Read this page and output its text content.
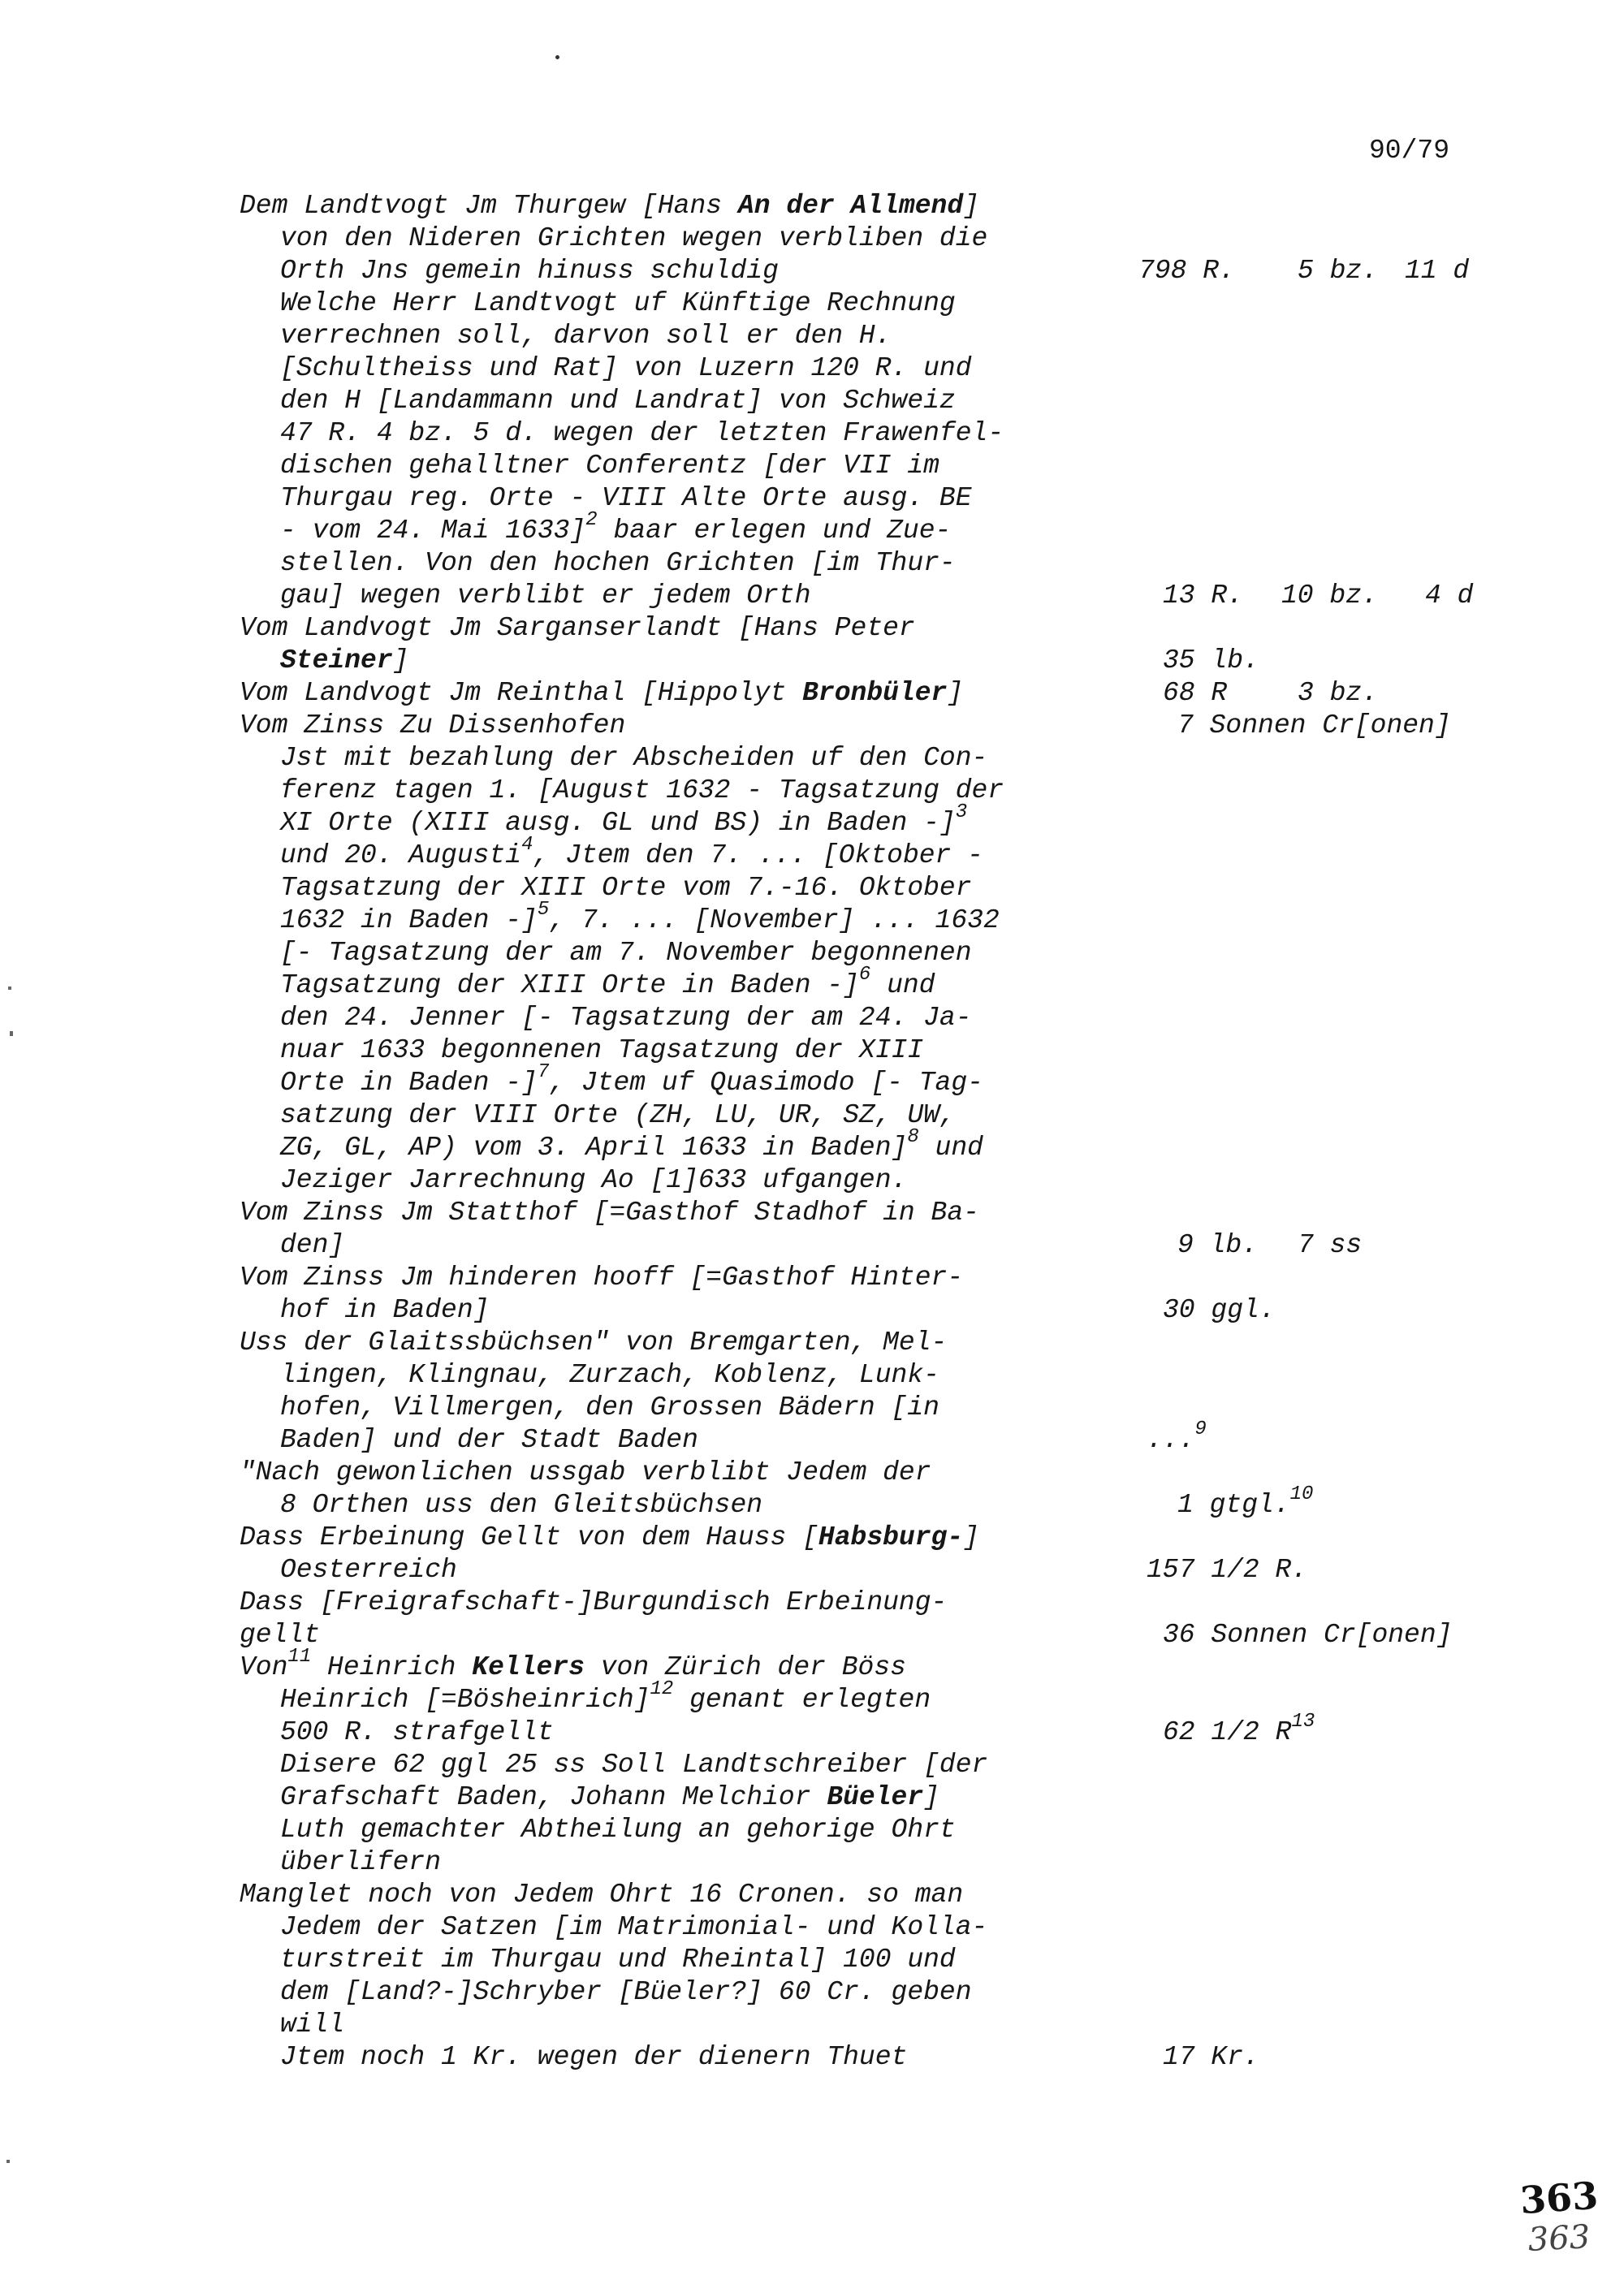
90/79
Dem Landtvogt Jm Thurgew [Hans An der Allmend]
von den Nideren Grichten wegen verbliben die
Orth Jns gemein hinuss schuldig	798 R. 5 bz. 11 d
Welche Herr Landtvogt uf Künftige Rechnung
verrechnen soll, darvon soll er den H.
[Schultheiss und Rat] von Luzern 120 R. und
den H [Landammann und Landrat] von Schweiz
47 R. 4 bz. 5 d. wegen der letzten Frawenfel-
dischen gehalltner Conferentz [der VII im
Thurgau reg. Orte - VIII Alte Orte ausg. BE
- vom 24. Mai 1633]$^2$ baar erlegen und Zue-
stellen. Von den hochen Grichten [im Thur-
gau] wegen verblibt er jedem Orth	13 R. 10 bz. 4 d
Vom Landvogt Jm Sarganserlandt [Hans Peter
Steiner]	35 lb.
Vom Landvogt Jm Reinthal [Hippolyt Bronbüler]	68 R	3 bz.
Vom Zinss Zu Dissenhofen	7 Sonnen Cr[onen]
Jst mit bezahlung der Abscheiden uf den Con-
ferenz tagen 1. [August 1632 - Tagsatzung der
XI Orte (XIII ausg. GL und BS) in Baden -]$^3$
und 20. Augusti$^4$, Jtem den 7. ... [Oktober -
Tagsatzung der XIII Orte vom 7.-16. Oktober
1632 in Baden -]$^5$, 7. ... [November] ... 1632
[- Tagsatzung der am 7. November begonnenen
Tagsatzung der XIII Orte in Baden -]$^6$ und
den 24. Jenner [- Tagsatzung der am 24. Ja-
nuar 1633 begonnenen Tagsatzung der XIII
Orte in Baden -]$^7$, Jtem uf Quasimodo [- Tag-
satzung der VIII Orte (ZH, LU, UR, SZ, UW,
ZG, GL, AP) vom 3. April 1633 in Baden]$^8$ und
Jeziger Jarrechnung Ao [1]633 ufgangen.
Vom Zinss Jm Statthof [=Gasthof Stadhof in Ba-
den]	9 lb. 7 ss
Vom Zinss Jm hinderen hooff [=Gasthof Hinter-
hof in Baden]	30 ggl.
Uss der Glaitssbüchsen" von Bremgarten, Mel-
lingen, Klingnau, Zurzach, Koblenz, Lunk-
hofen, Villmergen, den Grossen Bädern [in
Baden] und der Stadt Baden	...$^9$
"Nach gewonlichen ussgab verblibt Jedem der
8 Orthen uss den Gleitsbüchsen	1 gtgl.$^{10}$
Dass Erbeinung Gellt von dem Hauss [Habsburg-]
Oesterreich	157 1/2 R.
Dass [Freigrafschaft-]Burgundisch Erbeinung-
gellt	36 Sonnen Cr[onen]
Von$^{11}$ Heinrich Kellers von Zürich der Böss
Heinrich [=Bösheinrich]$^{12}$ genant erlegten
500 R. strafgellt	62 1/2 $R^{13}$
Disere 62 ggl 25 ss Soll Landtschreiber [der
Grafschaft Baden, Johann Melchior Büeler]
Luth gemachter Abtheilung an gehorige Ohrt
überlifern
Manglet noch von Jedem Ohrt 16 Cronen. so man
Jedem der Satzen [im Matrimonial- und Kolla-
turstreit im Thurgau und Rheintal] 100 und
dem [Land?-]Schryber [Büeler?] 60 Cr. geben
will
Jtem noch 1 Kr. wegen der dienern Thuet	17 Kr.
363
363
